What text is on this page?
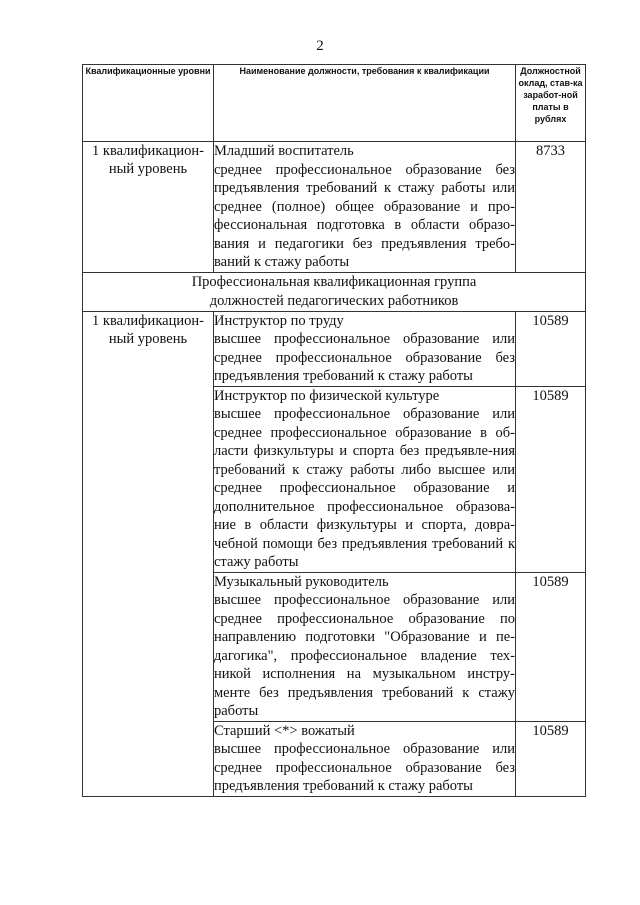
2
Квалификационные уровни	Наименование должности, требования к квалификации	Должностной оклад, став-ка заработ-ной платы в рублях
1 квалификацион-ный уровень	Младший воспитатель
среднее профессиональное образование без предъявления требований к стажу работы или среднее (полное) общее образование и про-фессиональная подготовка в области образо-вания и педагогики без предъявления требо-ваний к стажу работы	8733

Профессиональная квалификационная группа
должностей педагогических работников		

1 квалификацион-ный уровень	Инструктор по труду
высшее профессиональное образование или среднее профессиональное образование без предъявления требований к стажу работы	10589

	Инструктор по физической культуре
высшее профессиональное образование или среднее профессиональное образование в об-ласти физкультуры и спорта без предъявле-ния требований к стажу работы либо высшее или среднее профессиональное образование и дополнительное профессиональное образова-ние в области физкультуры и спорта, довра-чебной помощи без предъявления требований к стажу работы	10589

	Музыкальный руководитель
высшее профессиональное образование или среднее профессиональное образование по направлению подготовки "Образование и пе-дагогика", профессиональное владение тех-никой исполнения на музыкальном инстру-менте без предъявления требований к стажу работы	10589

	Старший <*> вожатый
высшее профессиональное образование или среднее профессиональное образование без предъявления требований к стажу работы	10589
